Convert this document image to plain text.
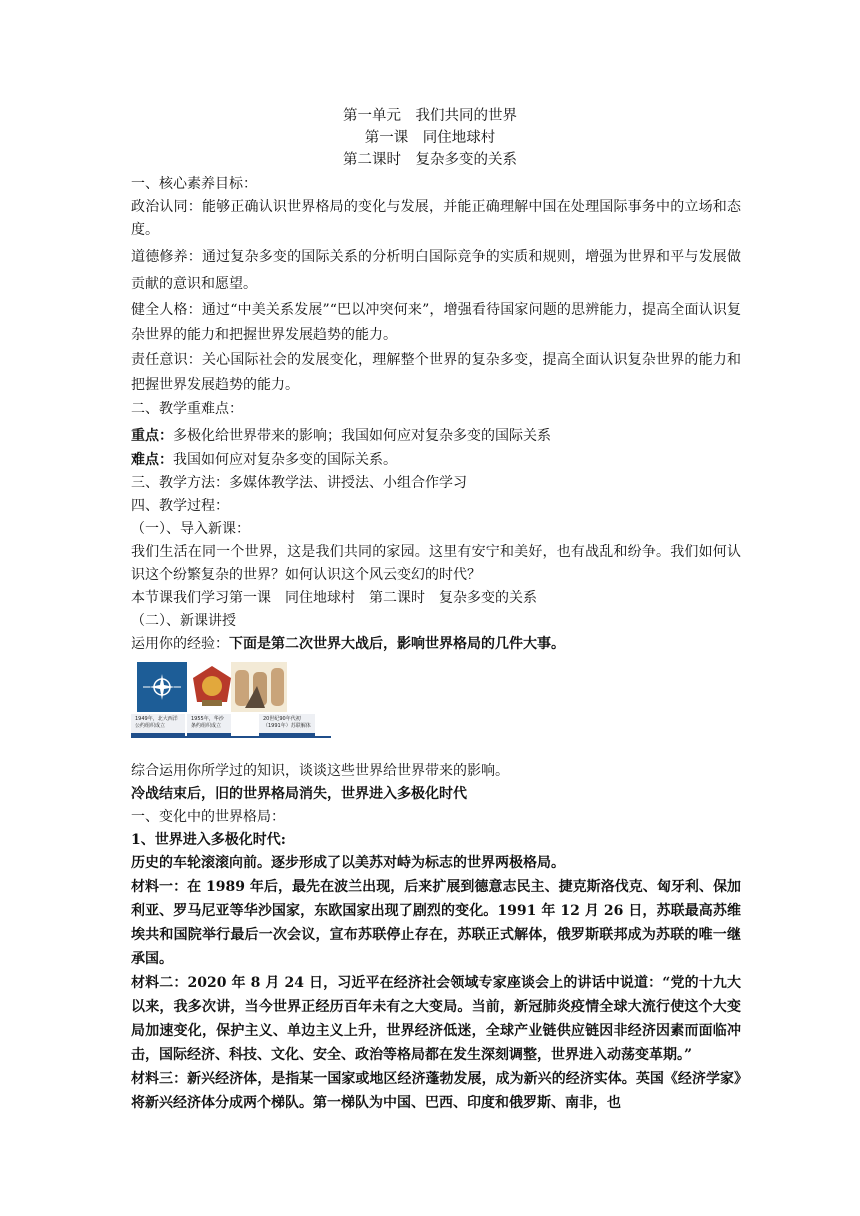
第一单元　我们共同的世界
第一课　同住地球村
第二课时　复杂多变的关系
一、核心素养目标：
政治认同：能够正确认识世界格局的变化与发展，并能正确理解中国在处理国际事务中的立场和态度。
道德修养：通过复杂多变的国际关系的分析明白国际竞争的实质和规则，增强为世界和平与发展做贡献的意识和愿望。
健全人格：通过“中美关系发展”“巴以冲突何来”，增强看待国家问题的思辨能力，提高全面认识复杂世界的能力和把握世界发展趋势的能力。
责任意识：关心国际社会的发展变化，理解整个世界的复杂多变，提高全面认识复杂世界的能力和把握世界发展趋势的能力。
二、教学重难点：
重点：多极化给世界带来的影响；我国如何应对复杂多变的国际关系
难点：我国如何应对复杂多变的国际关系。
三、教学方法：多媒体教学法、讲授法、小组合作学习
四、教学过程：
（一）、导入新课：
我们生活在同一个世界，这是我们共同的家园。这里有安宁和美好，也有战乱和纷争。我们如何认识这个纷繁复杂的世界？如何认识这个风云变幻的时代？
本节课我们学习第一课　同住地球村　第二课时　复杂多变的关系
（二）、新课讲授
运用你的经验：下面是第二次世界大战后，影响世界格局的几件大事。
1949年，北大西洋公约组织成立
1955年，华沙条约组织成立
20世纪90年代初（1991年）苏联解体
综合运用你所学过的知识，谈谈这些世界给世界带来的影响。
冷战结束后，旧的世界格局消失，世界进入多极化时代
一、变化中的世界格局：
1、世界进入多极化时代:
历史的车轮滚滚向前。逐步形成了以美苏对峙为标志的世界两极格局。
材料一：在 1989 年后，最先在波兰出现，后来扩展到德意志民主、捷克斯洛伐克、匈牙利、保加利亚、罗马尼亚等华沙国家，东欧国家出现了剧烈的变化。1991 年 12 月 26 日，苏联最高苏维埃共和国院举行最后一次会议，宣布苏联停止存在，苏联正式解体，俄罗斯联邦成为苏联的唯一继承国。
材料二：2020 年 8 月 24 日，习近平在经济社会领域专家座谈会上的讲话中说道：“党的十九大以来，我多次讲，当今世界正经历百年未有之大变局。当前，新冠肺炎疫情全球大流行使这个大变局加速变化，保护主义、单边主义上升，世界经济低迷，全球产业链供应链因非经济因素而面临冲击，国际经济、科技、文化、安全、政治等格局都在发生深刻调整，世界进入动荡变革期。”
材料三：新兴经济体，是指某一国家或地区经济蓬勃发展，成为新兴的经济实体。英国《经济学家》将新兴经济体分成两个梯队。第一梯队为中国、巴西、印度和俄罗斯、南非，也
